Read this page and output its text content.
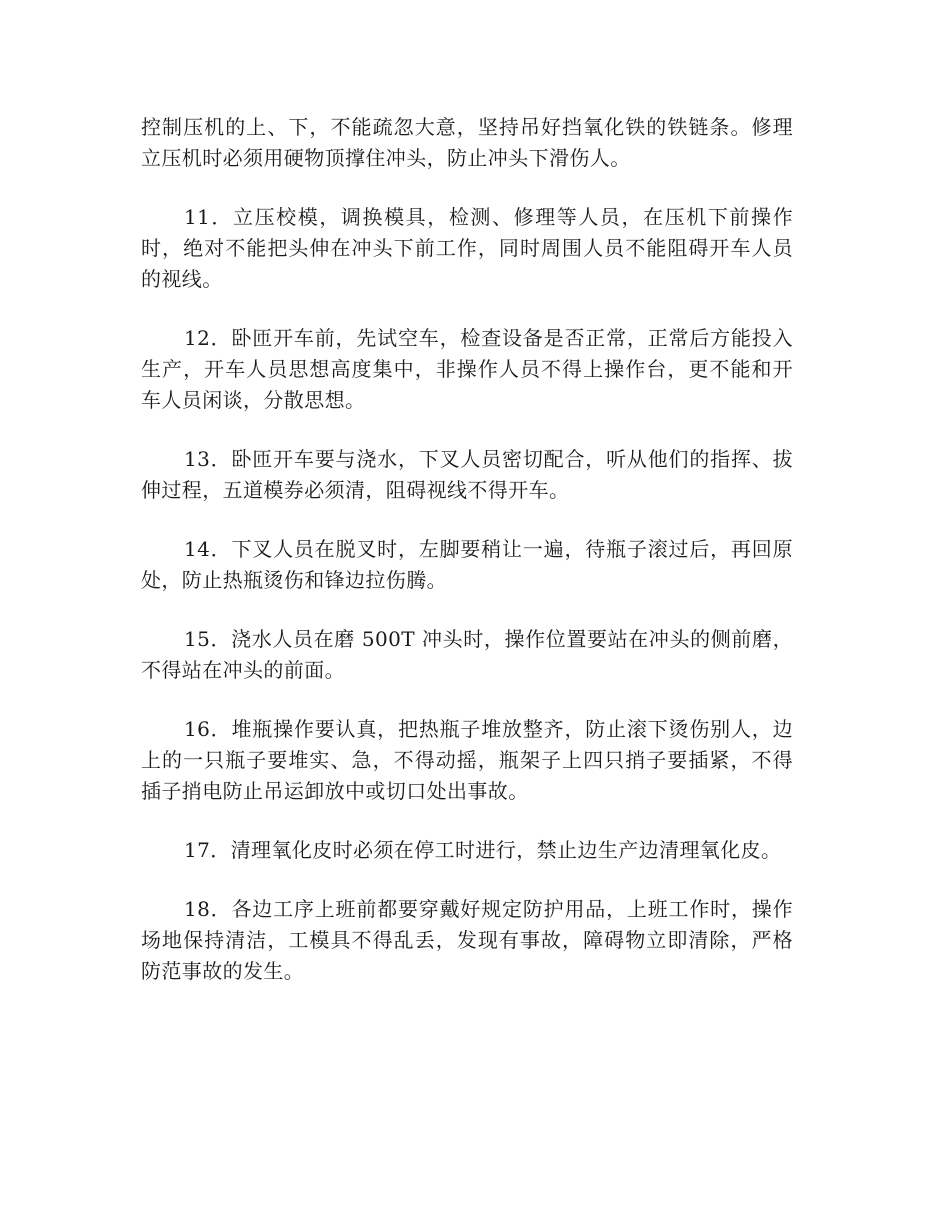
控制压机的上、下，不能疏忽大意，坚持吊好挡氧化铁的铁链条。修理立压机时必须用硬物顶撑住冲头，防止冲头下滑伤人。

11．立压校模，调换模具，检测、修理等人员，在压机下前操作时，绝对不能把头伸在冲头下前工作，同时周围人员不能阻碍开车人员的视线。

12．卧匝开车前，先试空车，检查设备是否正常，正常后方能投入生产，开车人员思想高度集中，非操作人员不得上操作台，更不能和开车人员闲谈，分散思想。

13．卧匝开车要与浇水，下叉人员密切配合，听从他们的指挥、拔伸过程，五道模券必须清，阻碍视线不得开车。

14．下叉人员在脱叉时，左脚要稍让一遍，待瓶子滚过后，再回原处，防止热瓶烫伤和锋边拉伤腾。

15．浇水人员在磨 500T 冲头时，操作位置要站在冲头的侧前磨，不得站在冲头的前面。

16．堆瓶操作要认真，把热瓶子堆放整齐，防止滚下烫伤别人，边上的一只瓶子要堆实、急，不得动摇，瓶架子上四只捎子要插紧，不得插子捎电防止吊运卸放中或切口处出事故。

17．清理氧化皮时必须在停工时进行，禁止边生产边清理氧化皮。

18．各边工序上班前都要穿戴好规定防护用品，上班工作时，操作场地保持清洁，工模具不得乱丢，发现有事故，障碍物立即清除，严格防范事故的发生。
